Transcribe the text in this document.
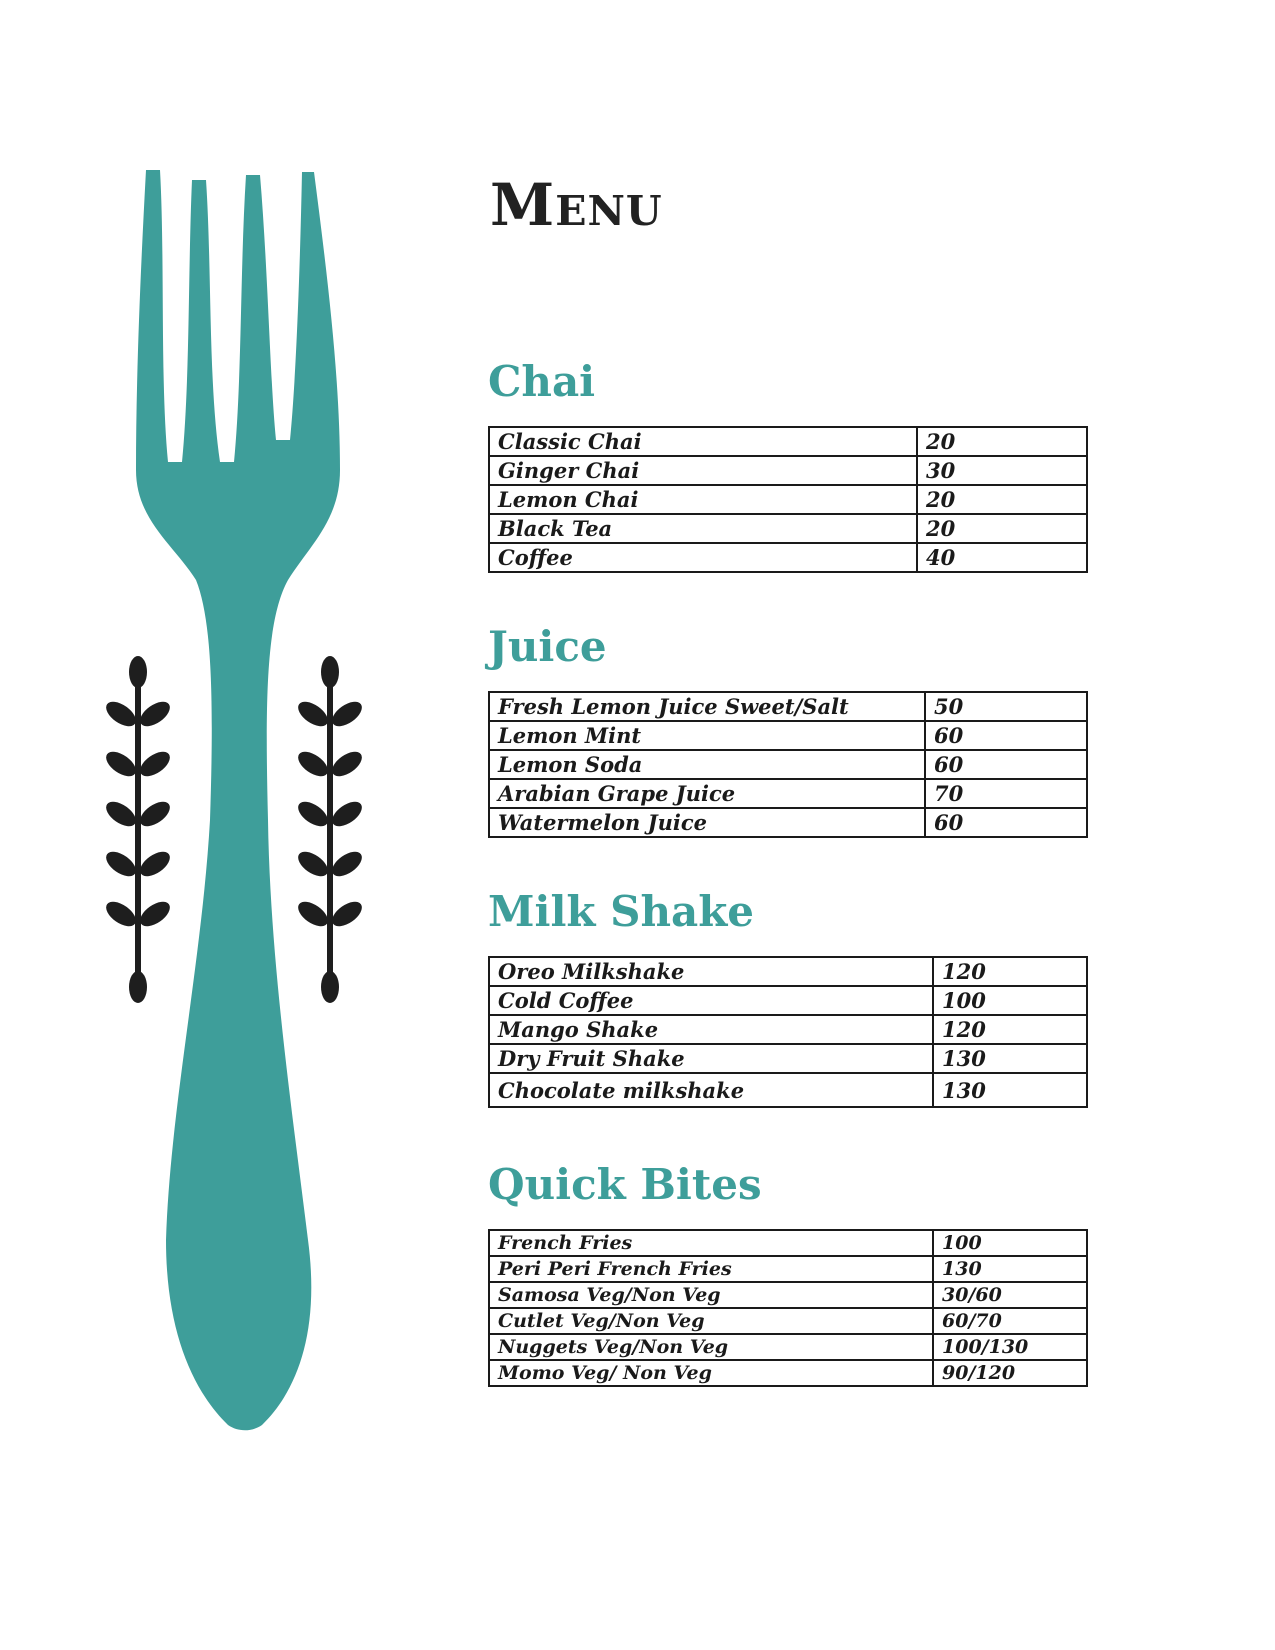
Menu
Chai
Classic Chai	20
Ginger Chai	30
Lemon Chai	20
Black Tea	20
Coffee	40
Juice
Fresh Lemon Juice Sweet/Salt	50
Lemon Mint	60
Lemon Soda	60
Arabian Grape Juice	70
Watermelon Juice	60
Milk Shake
Oreo Milkshake	120
Cold Coffee	100
Mango Shake	120
Dry Fruit Shake	130
Chocolate milkshake	130
Quick Bites
French Fries	100
Peri Peri French Fries	130
Samosa Veg/Non Veg	30/60
Cutlet Veg/Non Veg	60/70
Nuggets Veg/Non Veg	100/130
Momo Veg/ Non Veg	90/120
